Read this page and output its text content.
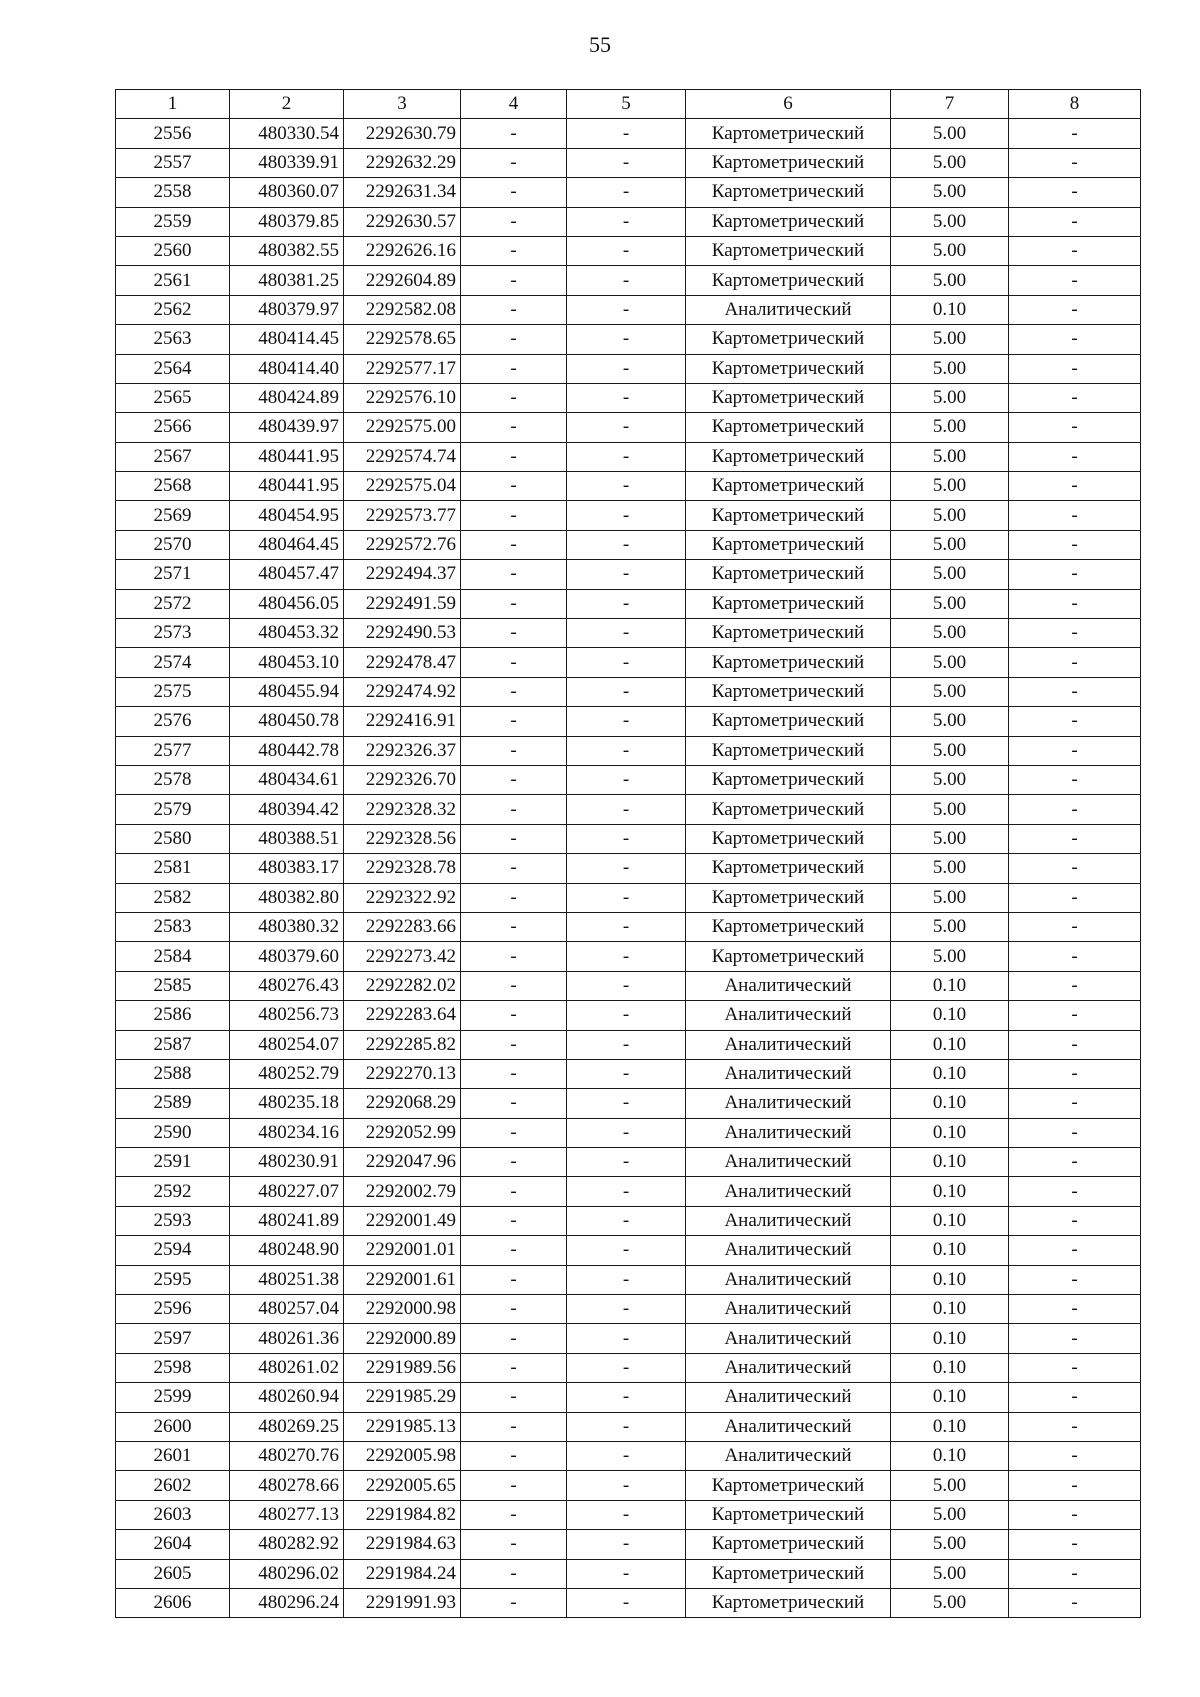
55
1	2	3	4	5	6	7	8
2556	480330.54	2292630.79	-	-	Картометрический	5.00	-
2557	480339.91	2292632.29	-	-	Картометрический	5.00	-
2558	480360.07	2292631.34	-	-	Картометрический	5.00	-
2559	480379.85	2292630.57	-	-	Картометрический	5.00	-
2560	480382.55	2292626.16	-	-	Картометрический	5.00	-
2561	480381.25	2292604.89	-	-	Картометрический	5.00	-
2562	480379.97	2292582.08	-	-	Аналитический	0.10	-
2563	480414.45	2292578.65	-	-	Картометрический	5.00	-
2564	480414.40	2292577.17	-	-	Картометрический	5.00	-
2565	480424.89	2292576.10	-	-	Картометрический	5.00	-
2566	480439.97	2292575.00	-	-	Картометрический	5.00	-
2567	480441.95	2292574.74	-	-	Картометрический	5.00	-
2568	480441.95	2292575.04	-	-	Картометрический	5.00	-
2569	480454.95	2292573.77	-	-	Картометрический	5.00	-
2570	480464.45	2292572.76	-	-	Картометрический	5.00	-
2571	480457.47	2292494.37	-	-	Картометрический	5.00	-
2572	480456.05	2292491.59	-	-	Картометрический	5.00	-
2573	480453.32	2292490.53	-	-	Картометрический	5.00	-
2574	480453.10	2292478.47	-	-	Картометрический	5.00	-
2575	480455.94	2292474.92	-	-	Картометрический	5.00	-
2576	480450.78	2292416.91	-	-	Картометрический	5.00	-
2577	480442.78	2292326.37	-	-	Картометрический	5.00	-
2578	480434.61	2292326.70	-	-	Картометрический	5.00	-
2579	480394.42	2292328.32	-	-	Картометрический	5.00	-
2580	480388.51	2292328.56	-	-	Картометрический	5.00	-
2581	480383.17	2292328.78	-	-	Картометрический	5.00	-
2582	480382.80	2292322.92	-	-	Картометрический	5.00	-
2583	480380.32	2292283.66	-	-	Картометрический	5.00	-
2584	480379.60	2292273.42	-	-	Картометрический	5.00	-
2585	480276.43	2292282.02	-	-	Аналитический	0.10	-
2586	480256.73	2292283.64	-	-	Аналитический	0.10	-
2587	480254.07	2292285.82	-	-	Аналитический	0.10	-
2588	480252.79	2292270.13	-	-	Аналитический	0.10	-
2589	480235.18	2292068.29	-	-	Аналитический	0.10	-
2590	480234.16	2292052.99	-	-	Аналитический	0.10	-
2591	480230.91	2292047.96	-	-	Аналитический	0.10	-
2592	480227.07	2292002.79	-	-	Аналитический	0.10	-
2593	480241.89	2292001.49	-	-	Аналитический	0.10	-
2594	480248.90	2292001.01	-	-	Аналитический	0.10	-
2595	480251.38	2292001.61	-	-	Аналитический	0.10	-
2596	480257.04	2292000.98	-	-	Аналитический	0.10	-
2597	480261.36	2292000.89	-	-	Аналитический	0.10	-
2598	480261.02	2291989.56	-	-	Аналитический	0.10	-
2599	480260.94	2291985.29	-	-	Аналитический	0.10	-
2600	480269.25	2291985.13	-	-	Аналитический	0.10	-
2601	480270.76	2292005.98	-	-	Аналитический	0.10	-
2602	480278.66	2292005.65	-	-	Картометрический	5.00	-
2603	480277.13	2291984.82	-	-	Картометрический	5.00	-
2604	480282.92	2291984.63	-	-	Картометрический	5.00	-
2605	480296.02	2291984.24	-	-	Картометрический	5.00	-
2606	480296.24	2291991.93	-	-	Картометрический	5.00	-
